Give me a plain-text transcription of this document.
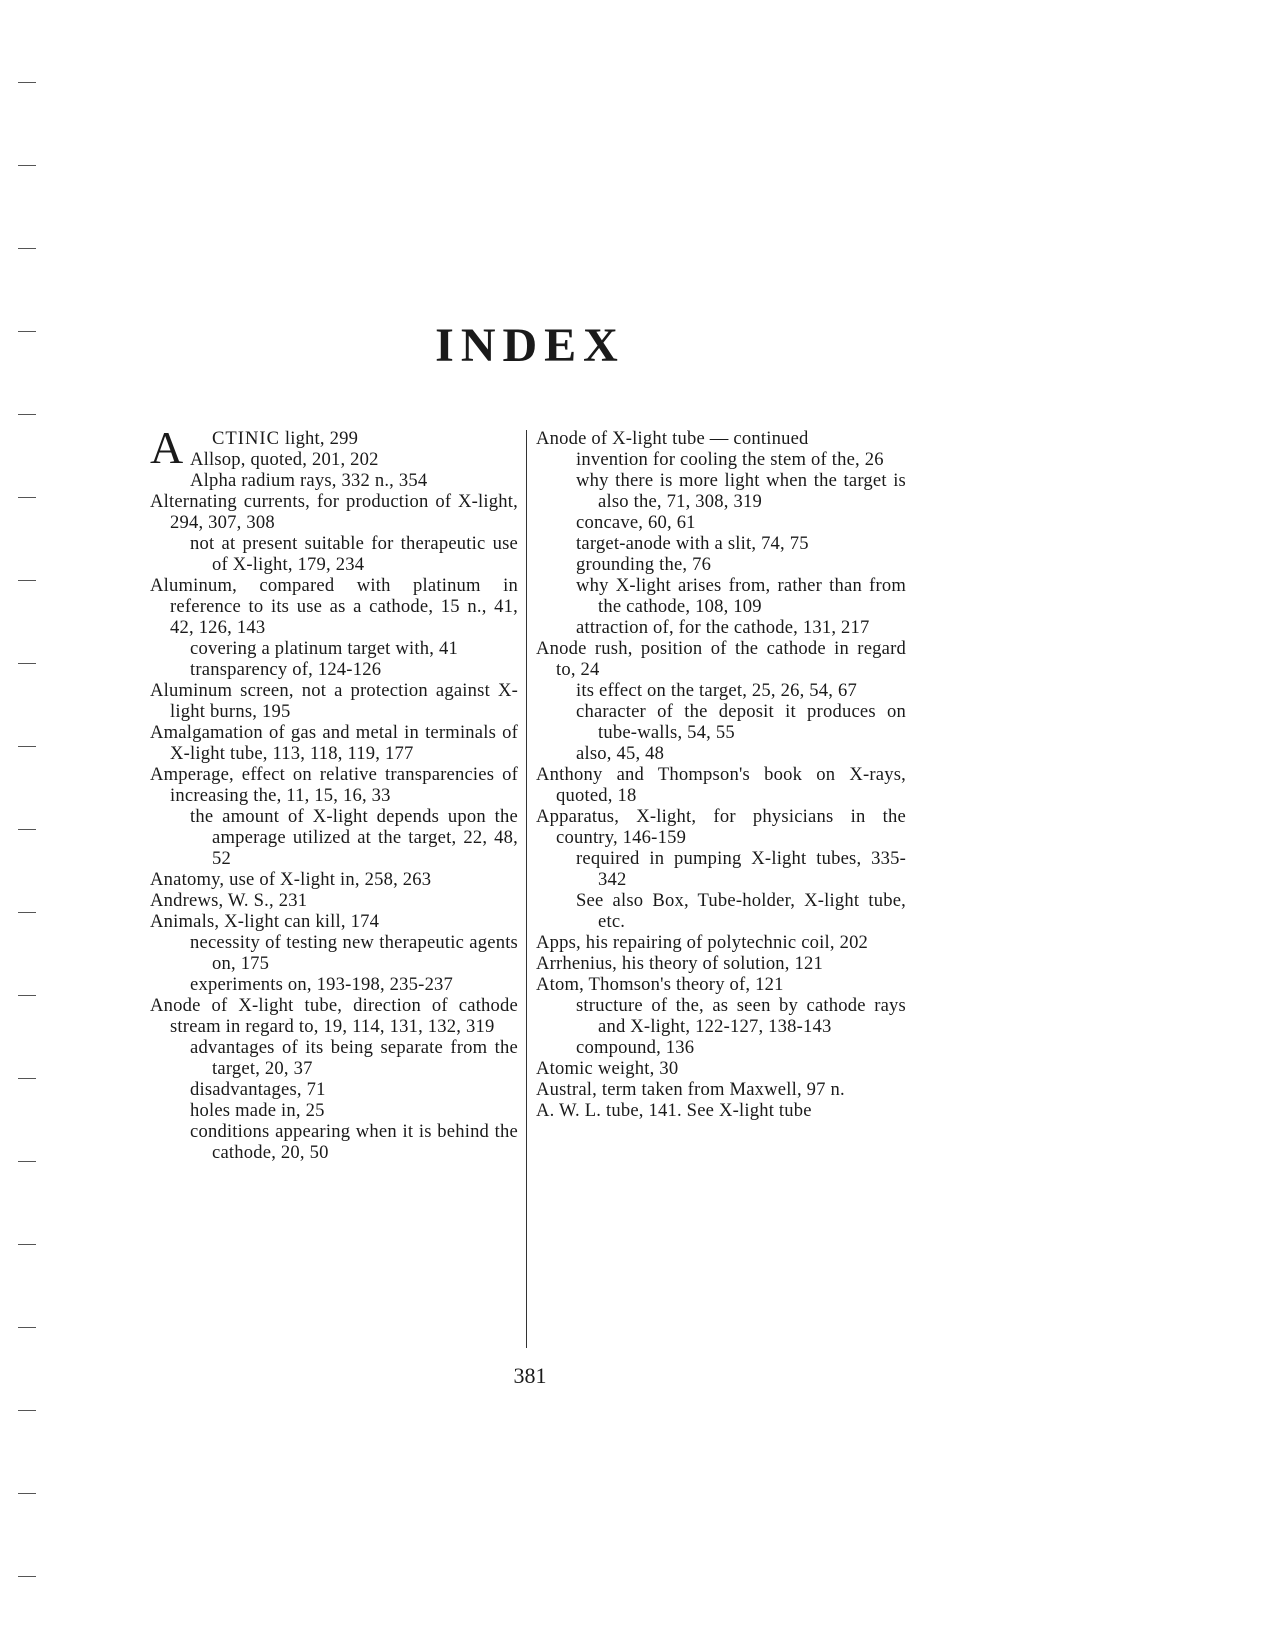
INDEX

A CTINIC light, 299

Allsop, quoted, 201, 202

Alpha radium rays, 332 n., 354

Alternating currents, for production of X-light, 294, 307, 308

not at present suitable for therapeutic use of X-light, 179, 234

Aluminum, compared with platinum in reference to its use as a cathode, 15 n., 41, 42, 126, 143

covering a platinum target with, 41

transparency of, 124-126

Aluminum screen, not a protection against X-light burns, 195

Amalgamation of gas and metal in terminals of X-light tube, 113, 118, 119, 177

Amperage, effect on relative transparencies of increasing the, 11, 15, 16, 33

the amount of X-light depends upon the amperage utilized at the target, 22, 48, 52

Anatomy, use of X-light in, 258, 263

Andrews, W. S., 231

Animals, X-light can kill, 174

necessity of testing new therapeutic agents on, 175

experiments on, 193-198, 235-237

Anode of X-light tube, direction of cathode stream in regard to, 19, 114, 131, 132, 319

advantages of its being separate from the target, 20, 37

disadvantages, 71

holes made in, 25

conditions appearing when it is behind the cathode, 20, 50

Anode of X-light tube — continued

invention for cooling the stem of the, 26

why there is more light when the target is also the, 71, 308, 319

concave, 60, 61

target-anode with a slit, 74, 75

grounding the, 76

why X-light arises from, rather than from the cathode, 108, 109

attraction of, for the cathode, 131, 217

Anode rush, position of the cathode in regard to, 24

its effect on the target, 25, 26, 54, 67

character of the deposit it produces on tube-walls, 54, 55

also, 45, 48

Anthony and Thompson's book on X-rays, quoted, 18

Apparatus, X-light, for physicians in the country, 146-159

required in pumping X-light tubes, 335-342

See also Box, Tube-holder, X-light tube, etc.

Apps, his repairing of polytechnic coil, 202

Arrhenius, his theory of solution, 121

Atom, Thomson's theory of, 121

structure of the, as seen by cathode rays and X-light, 122-127, 138-143

compound, 136

Atomic weight, 30

Austral, term taken from Maxwell, 97 n.

A. W. L. tube, 141. See X-light tube

381
